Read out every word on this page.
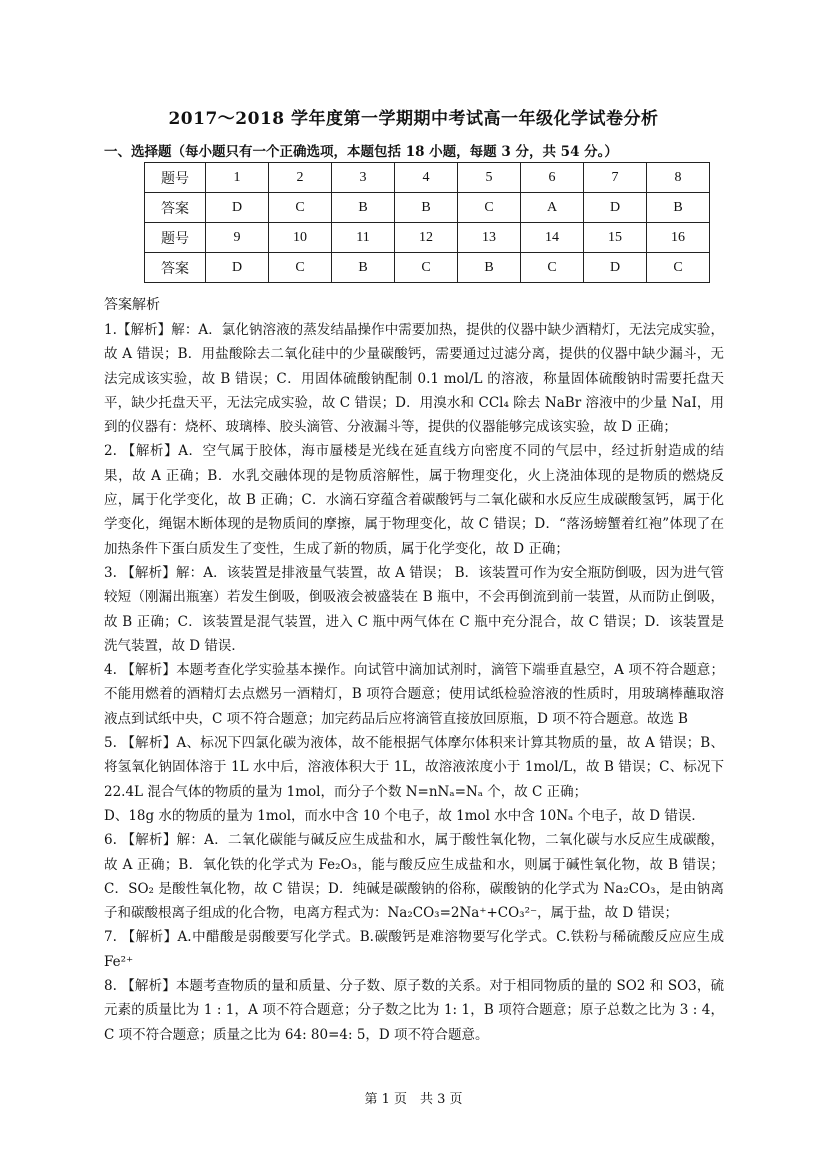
2017～2018 学年度第一学期期中考试高一年级化学试卷分析
一、选择题（每小题只有一个正确选项，本题包括 18 小题，每题 3 分，共 54 分。）
题号	1	2	3	4	5	6	7	8
答案	D	C	B	B	C	A	D	B
题号	9	10	11	12	13	14	15	16
答案	D	C	B	C	B	C	D	C
答案解析

1.【解析】解：A．氯化钠溶液的蒸发结晶操作中需要加热，提供的仪器中缺少酒精灯，无法完成实验，故 A 错误；B．用盐酸除去二氧化硅中的少量碳酸钙，需要通过过滤分离，提供的仪器中缺少漏斗，无法完成该实验，故 B 错误；C．用固体硫酸钠配制 0.1 mol/L 的溶液，称量固体硫酸钠时需要托盘天平，缺少托盘天平，无法完成实验，故 C 错误；D．用溴水和 CCl₄ 除去 NaBr 溶液中的少量 NaI，用到的仪器有：烧杯、玻璃棒、胶头滴管、分液漏斗等，提供的仪器能够完成该实验，故 D 正确；

2. 【解析】A．空气属于胶体，海市蜃楼是光线在延直线方向密度不同的气层中，经过折射造成的结果，故 A 正确；B．水乳交融体现的是物质溶解性，属于物理变化，火上浇油体现的是物质的燃烧反应，属于化学变化，故 B 正确；C．水滴石穿蕴含着碳酸钙与二氧化碳和水反应生成碳酸氢钙，属于化学变化，绳锯木断体现的是物质间的摩擦，属于物理变化，故 C 错误；D．“落汤螃蟹着红袍”体现了在加热条件下蛋白质发生了变性，生成了新的物质，属于化学变化，故 D 正确；

3. 【解析】解：A．该装置是排液量气装置，故 A 错误； B．该装置可作为安全瓶防倒吸，因为进气管较短（刚漏出瓶塞）若发生倒吸，倒吸液会被盛装在 B 瓶中，不会再倒流到前一装置，从而防止倒吸，故 B 正确；C．该装置是混气装置，进入 C 瓶中两气体在 C 瓶中充分混合，故 C 错误；D．该装置是洗气装置，故 D 错误．

4. 【解析】本题考查化学实验基本操作。向试管中滴加试剂时，滴管下端垂直悬空，A 项不符合题意；不能用燃着的酒精灯去点燃另一酒精灯，B 项符合题意；使用试纸检验溶液的性质时，用玻璃棒蘸取溶液点到试纸中央，C 项不符合题意；加完药品后应将滴管直接放回原瓶，D 项不符合题意。故选 B

5. 【解析】A、标况下四氯化碳为液体，故不能根据气体摩尔体积来计算其物质的量，故 A 错误；B、将氢氧化钠固体溶于 1L 水中后，溶液体积大于 1L，故溶液浓度小于 1mol/L，故 B 错误；C、标况下 22.4L 混合气体的物质的量为 1mol，而分子个数 N=nNₐ=Nₐ 个，故 C 正确；

D、18g 水的物质的量为 1mol，而水中含 10 个电子，故 1mol 水中含 10Nₐ 个电子，故 D 错误．

6. 【解析】解：A．二氧化碳能与碱反应生成盐和水，属于酸性氧化物，二氧化碳与水反应生成碳酸，故 A 正确；B．氧化铁的化学式为 Fe₂O₃，能与酸反应生成盐和水，则属于碱性氧化物，故 B 错误；C．SO₂ 是酸性氧化物，故 C 错误；D．纯碱是碳酸钠的俗称，碳酸钠的化学式为 Na₂CO₃，是由钠离子和碳酸根离子组成的化合物，电离方程式为：Na₂CO₃=2Na⁺+CO₃²⁻，属于盐，故 D 错误；

7. 【解析】A.中醋酸是弱酸要写化学式。B.碳酸钙是难溶物要写化学式。C.铁粉与稀硫酸反应应生成 Fe²⁺

8. 【解析】本题考查物质的量和质量、分子数、原子数的关系。对于相同物质的量的 SO2 和 SO3，硫元素的质量比为 1 : 1，A 项不符合题意；分子数之比为 1: 1，B 项符合题意；原子总数之比为 3 : 4，C 项不符合题意；质量之比为 64: 80=4: 5，D 项不符合题意。

第 1 页　共 3 页
